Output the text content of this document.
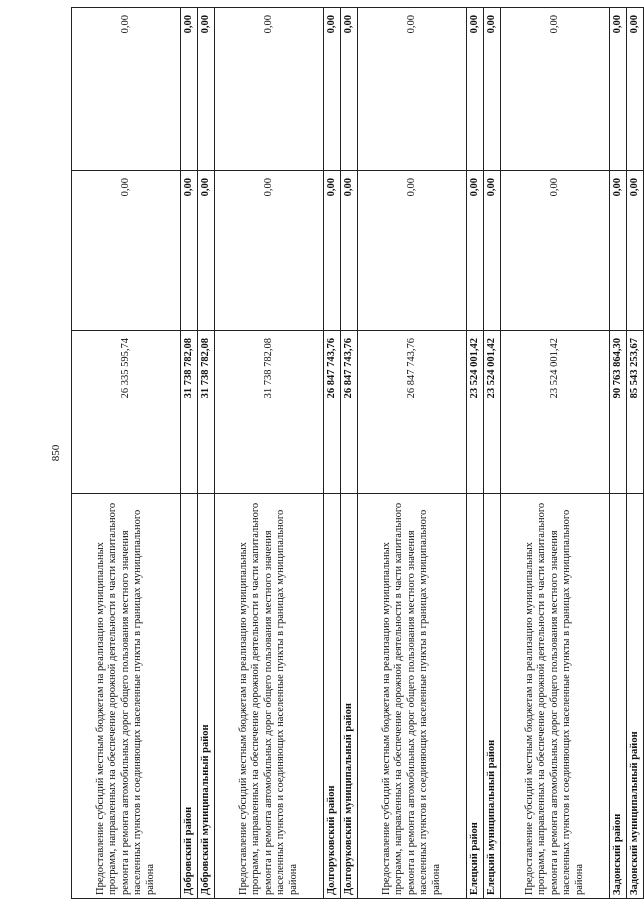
850
Предоставление субсидий местным бюджетам на реализацию муниципальных программ, направленных на обеспечение дорожной деятельности в части капитального ремонта и ремонта автомобильных дорог общего пользования местного значения населенных пунктов и соединяющих населенные пункты в границах муниципального района	26 335 595,74	0,00	0,00
Добровский район	31 738 782,08	0,00	0,00
Добровский муниципальный район	31 738 782,08	0,00	0,00
Предоставление субсидий местным бюджетам на реализацию муниципальных программ, направленных на обеспечение дорожной деятельности в части капитального ремонта и ремонта автомобильных дорог общего пользования местного значения населенных пунктов и соединяющих населенные пункты в границах муниципального района	31 738 782,08	0,00	0,00
Долгоруковский район	26 847 743,76	0,00	0,00
Долгоруковский муниципальный район	26 847 743,76	0,00	0,00
Предоставление субсидий местным бюджетам на реализацию муниципальных программ, направленных на обеспечение дорожной деятельности в части капитального ремонта и ремонта автомобильных дорог общего пользования местного значения населенных пунктов и соединяющих населенные пункты в границах муниципального района	26 847 743,76	0,00	0,00
Елецкий район	23 524 001,42	0,00	0,00
Елецкий муниципальный район	23 524 001,42	0,00	0,00
Предоставление субсидий местным бюджетам на реализацию муниципальных программ, направленных на обеспечение дорожной деятельности в части капитального ремонта и ремонта автомобильных дорог общего пользования местного значения населенных пунктов и соединяющих населенные пункты в границах муниципального района	23 524 001,42	0,00	0,00
Задонский район	90 763 864,30	0,00	0,00
Задонский муниципальный район	85 543 253,67	0,00	0,00
